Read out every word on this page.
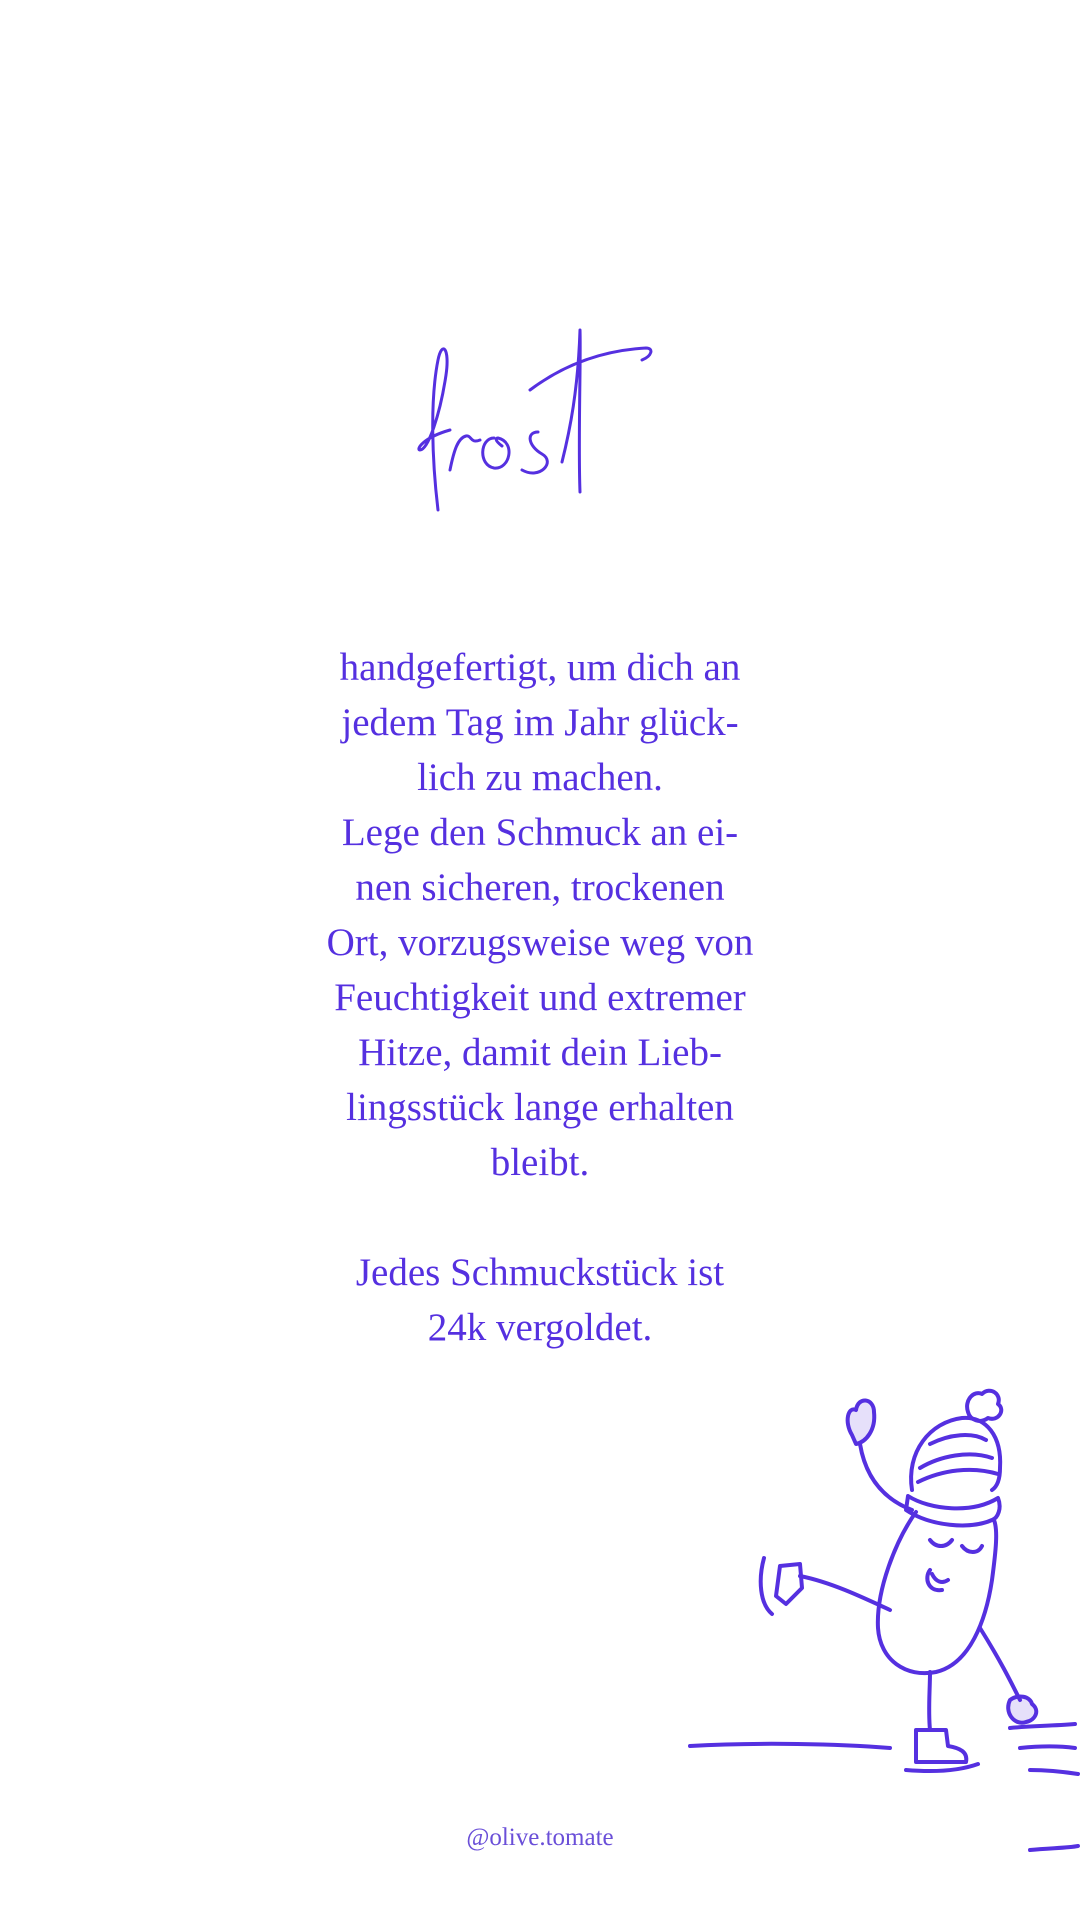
handgefertigt, um dich an
jedem Tag im Jahr glück-
lich zu machen.
Lege den Schmuck an ei-
nen sicheren, trockenen
Ort, vorzugsweise weg von
Feuchtigkeit und extremer
Hitze, damit dein Lieb-
lingsstück lange erhalten
bleibt.
Jedes Schmuckstück ist
24k vergoldet.
@olive.tomate
